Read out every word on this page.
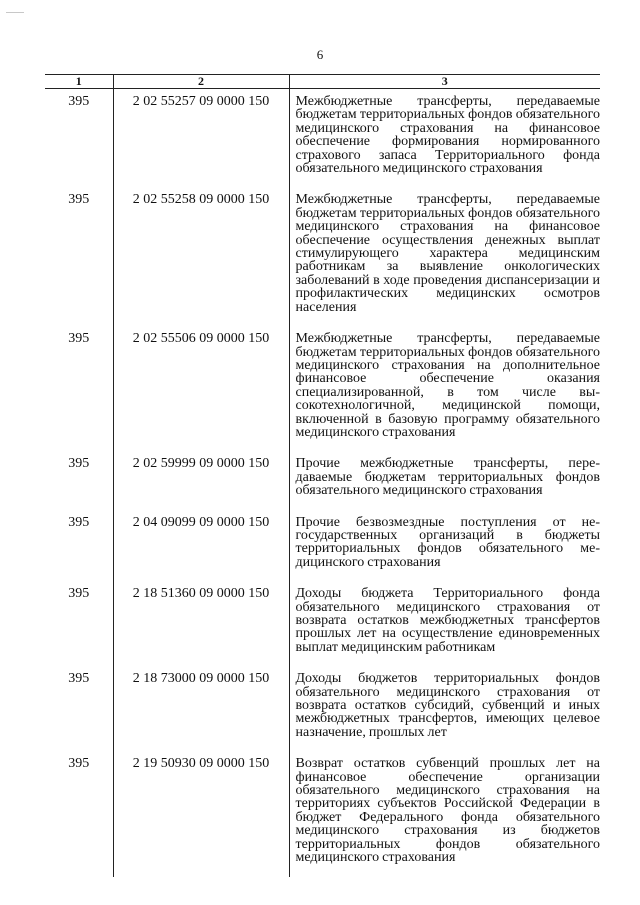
6
1	2	3
395	2 02 55257 09 0000 150	Межбюджетные трансферты, передаваемые бюджетам территориальных фондов обязательного медицинского страхования на финансовое обеспечение формирования нормированного страхового запаса Территориального фонда обязательного медицинского страхования
395	2 02 55258 09 0000 150	Межбюджетные трансферты, передаваемые бюджетам территориальных фондов обязательного медицинского страхования на финансовое обеспечение осуществления денежных выплат стимулирующего характера медицинским работникам за выявление онкологических заболеваний в ходе проведения диспансеризации и профилактических медицинских осмотров населения
395	2 02 55506 09 0000 150	Межбюджетные трансферты, передаваемые бюджетам территориальных фондов обязательного медицинского страхования на дополнительное финансовое обеспечение оказания специализированной, в том числе высокотехнологичной, медицинской помощи, включенной в базовую программу обязательного медицинского страхования
395	2 02 59999 09 0000 150	Прочие межбюджетные трансферты, передаваемые бюджетам территориальных фондов обязательного медицинского страхования
395	2 04 09099 09 0000 150	Прочие безвозмездные поступления от негосударственных организаций в бюджеты территориальных фондов обязательного медицинского страхования
395	2 18 51360 09 0000 150	Доходы бюджета Территориального фонда обязательного медицинского страхования от возврата остатков межбюджетных трансфертов прошлых лет на осуществление единовременных выплат медицинским работникам
395	2 18 73000 09 0000 150	Доходы бюджетов территориальных фондов обязательного медицинского страхования от возврата остатков субсидий, субвенций и иных межбюджетных трансфертов, имеющих целевое назначение, прошлых лет
395	2 19 50930 09 0000 150	Возврат остатков субвенций прошлых лет на финансовое обеспечение организации обязательного медицинского страхования на территориях субъектов Российской Федерации в бюджет Федерального фонда обязательного медицинского страхования из бюджетов территориальных фондов обязательного медицинского страхования
